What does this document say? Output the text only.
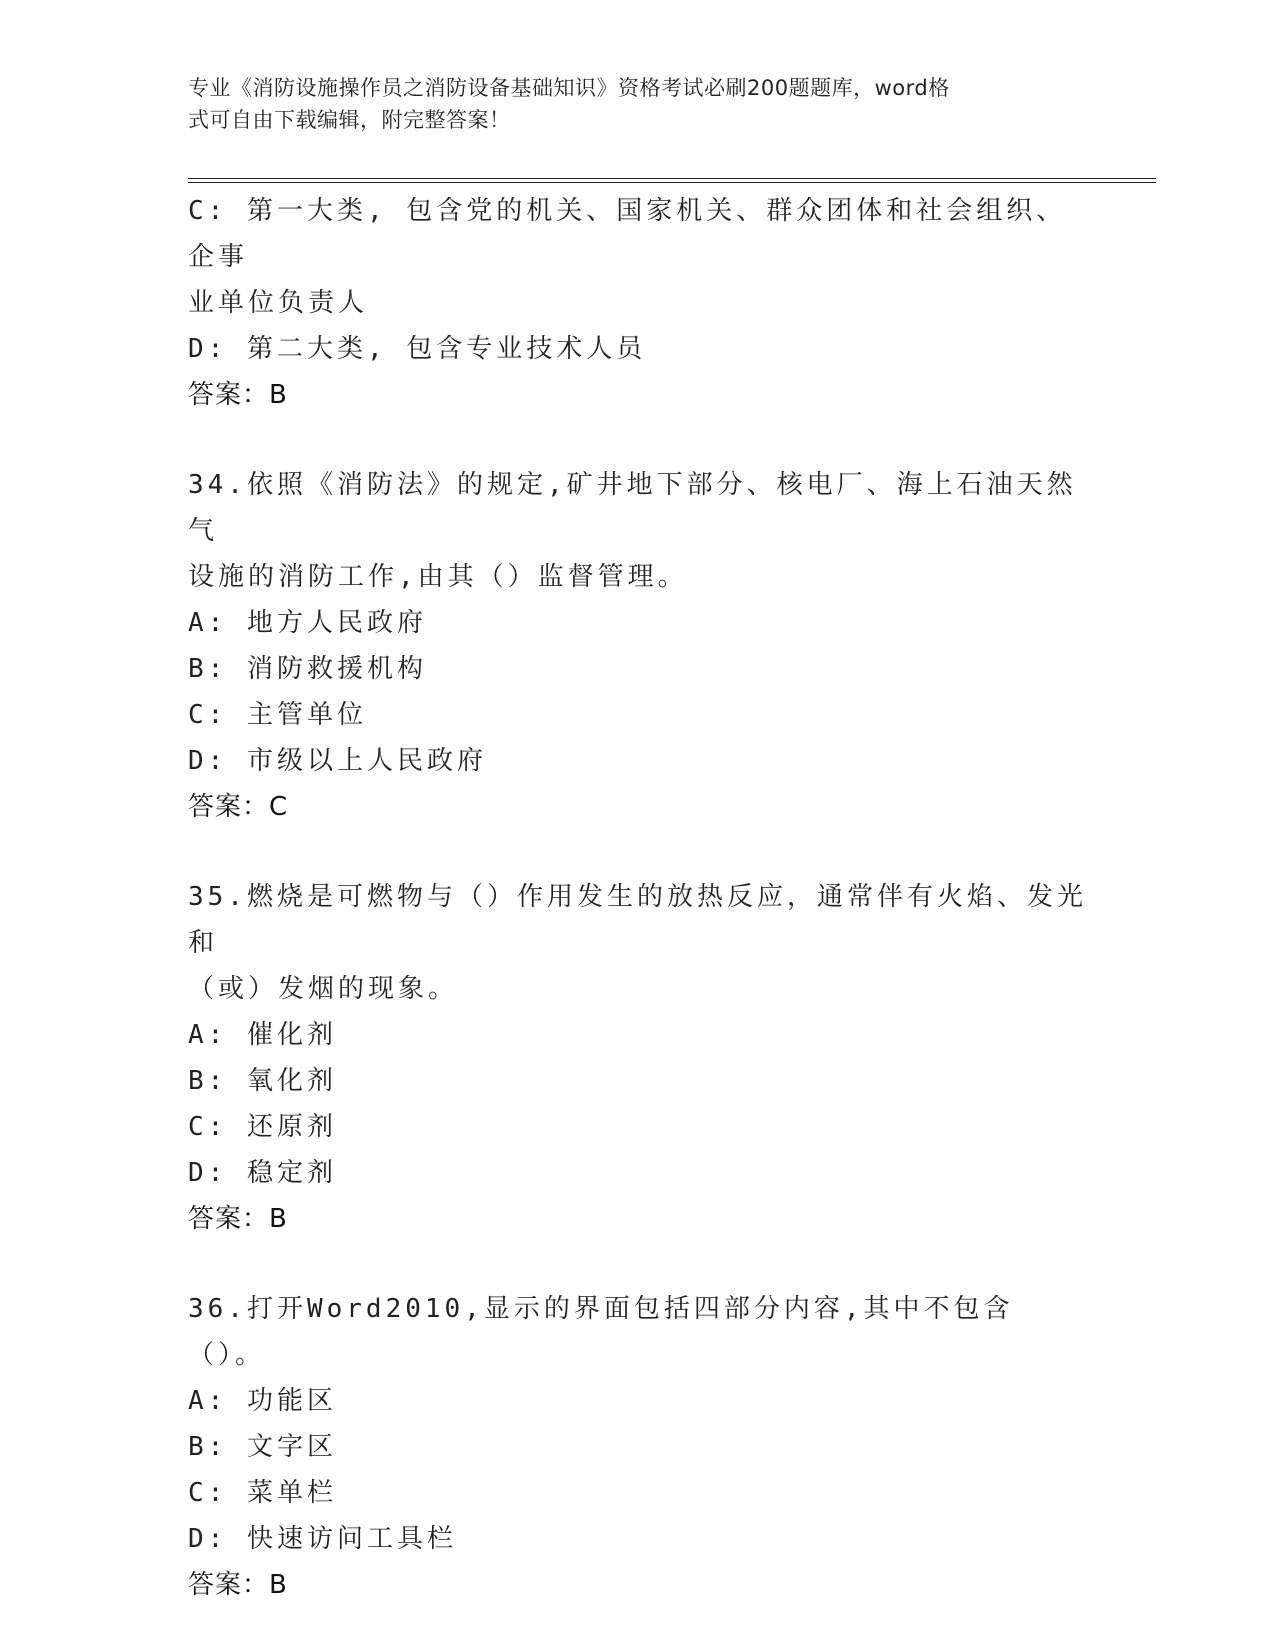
专业《消防设施操作员之消防设备基础知识》资格考试必刷200题题库，word格
式可自由下载编辑，附完整答案！
C: 第一大类, 包含党的机关、国家机关、群众团体和社会组织、企事
业单位负责人
D: 第二大类, 包含专业技术人员
答案：B
34.依照《消防法》的规定,矿井地下部分、核电厂、海上石油天然气
设施的消防工作,由其（）监督管理。
A: 地方人民政府
B: 消防救援机构
C: 主管单位
D: 市级以上人民政府
答案：C
35.燃烧是可燃物与（）作用发生的放热反应，通常伴有火焰、发光和
（或）发烟的现象。
A: 催化剂
B: 氧化剂
C: 还原剂
D: 稳定剂
答案：B
36.打开Word2010,显示的界面包括四部分内容,其中不包含（）。
A: 功能区
B: 文字区
C: 菜单栏
D: 快速访问工具栏
答案：B
